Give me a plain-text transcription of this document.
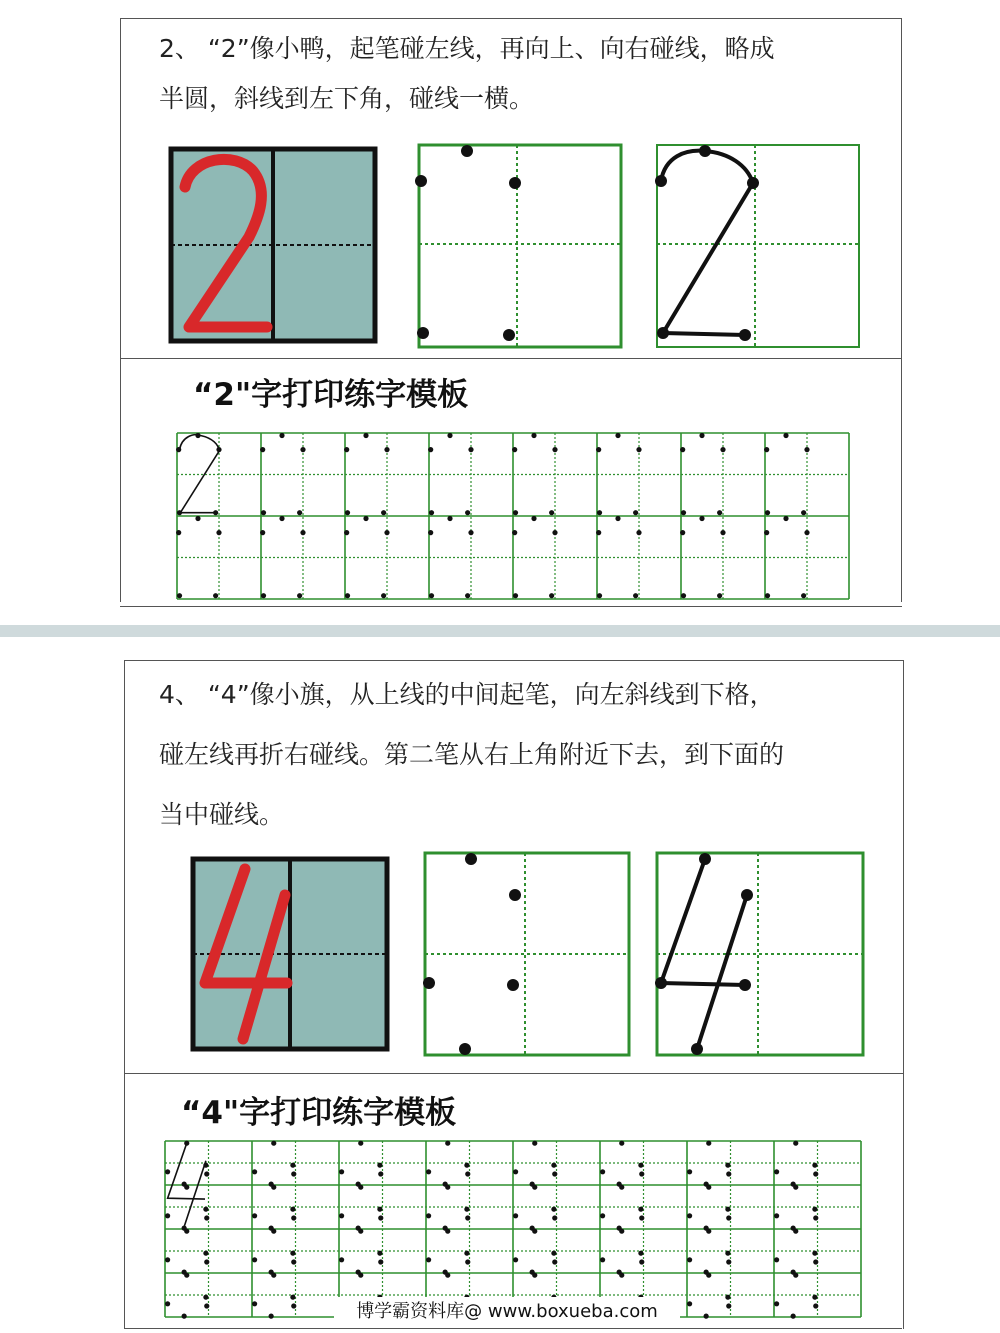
2、 “2”像小鸭，起笔碰左线，再向上、向右碰线，略成
半圆，斜线到左下角，碰线一横。
“2"字打印练字模板
4、 “4”像小旗，从上线的中间起笔，向左斜线到下格，
碰左线再折右碰线。第二笔从右上角附近下去，到下面的
当中碰线。
“4"字打印练字模板
博学霸资料库@ www.boxueba.com
